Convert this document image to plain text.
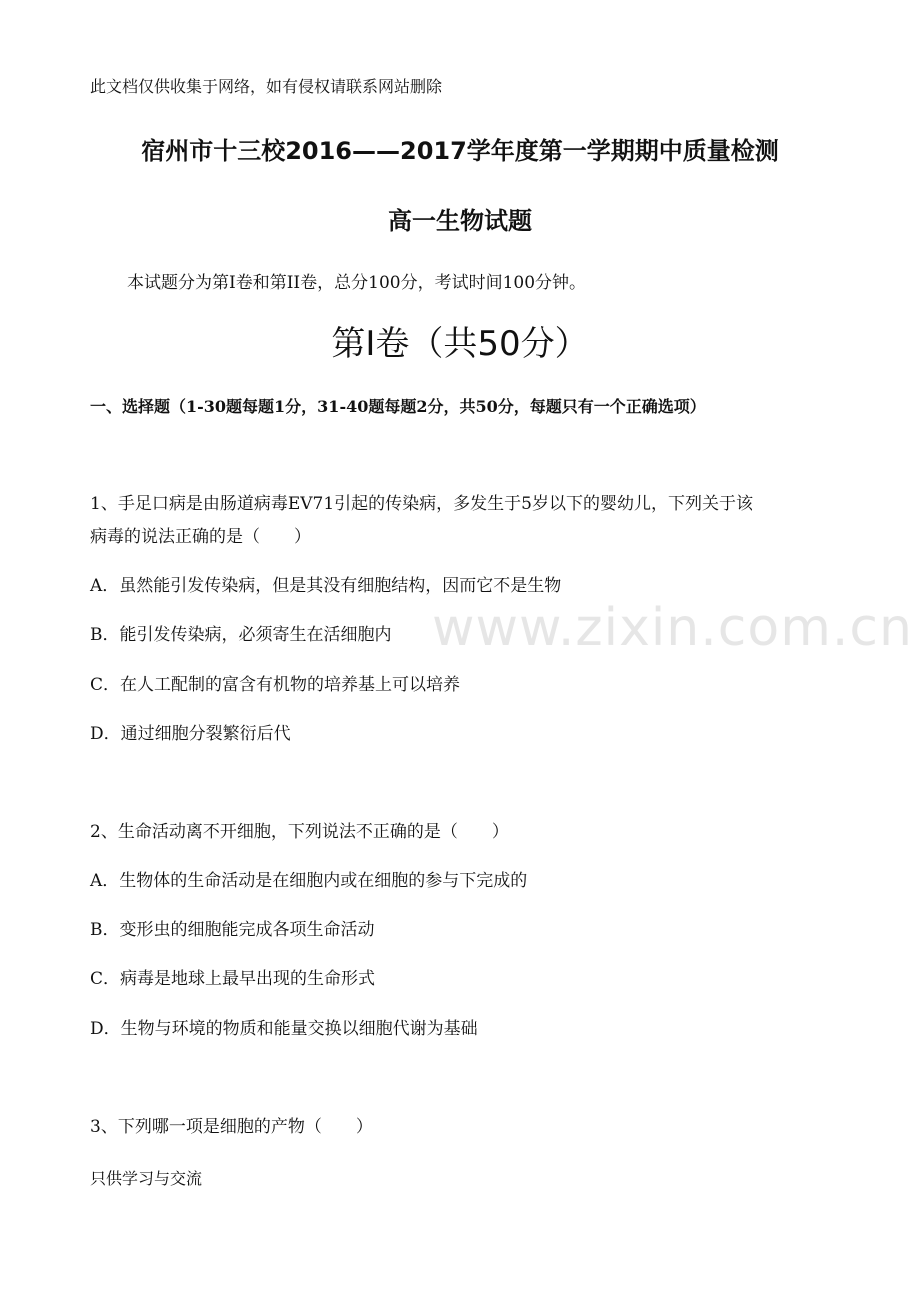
www.zixin.com.cn
此文档仅供收集于网络，如有侵权请联系网站删除
宿州市十三校2016——2017学年度第一学期期中质量检测
高一生物试题
本试题分为第I卷和第II卷，总分100分，考试时间100分钟。
第Ⅰ卷（共50分）
一、选择题（1-30题每题1分，31-40题每题2分，共50分，每题只有一个正确选项）
1、手足口病是由肠道病毒EV71引起的传染病，多发生于5岁以下的婴幼儿，下列关于该
病毒的说法正确的是（　　）
A．虽然能引发传染病，但是其没有细胞结构，因而它不是生物
B．能引发传染病，必须寄生在活细胞内
C．在人工配制的富含有机物的培养基上可以培养
D．通过细胞分裂繁衍后代
2、生命活动离不开细胞，下列说法不正确的是（　　）
A．生物体的生命活动是在细胞内或在细胞的参与下完成的
B．变形虫的细胞能完成各项生命活动
C．病毒是地球上最早出现的生命形式
D．生物与环境的物质和能量交换以细胞代谢为基础
3、下列哪一项是细胞的产物（　　）
只供学习与交流
